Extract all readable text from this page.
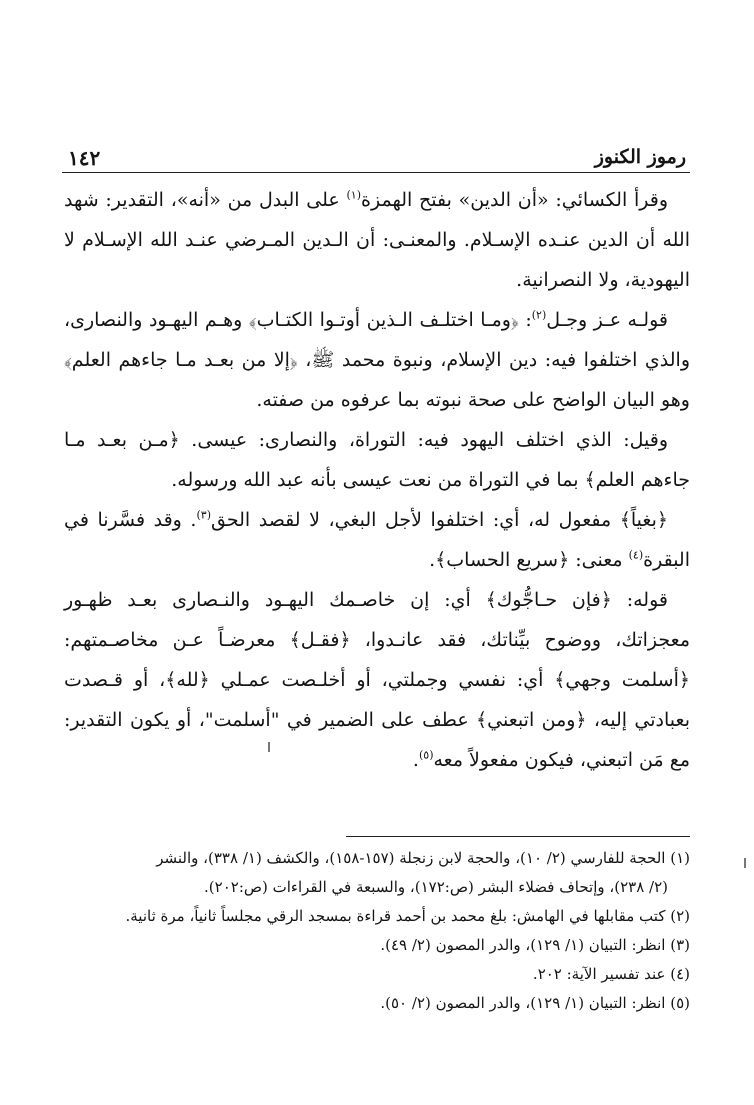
١٤٢	رموز الكنوز

وقرأ الكسائي: «أن الدين» بفتح الهمزة$^{(١)}$ على البدل من «أنه»، التقدير: شهد الله أن الدين عنـده الإسـلام. والمعنـى: أن الـدين المـرضي عنـد الله الإسـلام لا اليهودية، ولا النصرانية.

قولـه عـز وجـل$^{(٢)}$: ﴿ومـا اختلـف الـذين أوتـوا الكتـاب﴾ وهـم اليهـود والنصارى، والذي اختلفوا فيه: دين الإسلام، ونبوة محمد ﷺ، ﴿إلا من بعـد مـا جاءهم العلم﴾ وهو البيان الواضح على صحة نبوته بما عرفوه من صفته.

وقيل: الذي اختلف اليهود فيه: التوراة، والنصارى: عيسى. ﴿مـن بعـد مـا جاءهم العلم﴾ بما في التوراة من نعت عيسى بأنه عبد الله ورسوله.

﴿بغياً﴾ مفعول له، أي: اختلفوا لأجل البغي، لا لقصد الحق$^{(٣)}$. وقد فسَّرنا في البقرة$^{(٤)}$ معنى: ﴿سريع الحساب﴾.

قوله: ﴿فإن حـاجُّوك﴾ أي: إن خاصـمك اليهـود والنـصارى بعـد ظهـور معجزاتك، ووضوح بيِّناتك، فقد عانـدوا، ﴿فقـل﴾ معرضـاً عـن مخاصـمتهم: ﴿أسلمت وجهي﴾ أي: نفسي وجملتي، أو أخلـصت عمـلي ﴿لله﴾، أو قـصدت بعبادتي إليه، ﴿ومن اتبعني﴾ عطف على الضمير في "أسلمت"، أو يكون التقدير: مع مَن اتبعني، فيكون مفعولاً معه$^{(٥)}$.

(١) الحجة للفارسي (٢/ ١٠)، والحجة لابن زنجلة (١٥٧-١٥٨)، والكشف (١/ ٣٣٨)، والنشر
(٢/ ٢٣٨)، وإتحاف فضلاء البشر (ص:١٧٢)، والسبعة في القراءات (ص:٢٠٢).

(٢) كتب مقابلها في الهامش: بلغ محمد بن أحمد قراءة بمسجد الرقي مجلساً ثانياً، مرة ثانية.

(٣) انظر: التبيان (١/ ١٢٩)، والدر المصون (٢/ ٤٩).

(٤) عند تفسير الآية: ٢٠٢.

(٥) انظر: التبيان (١/ ١٢٩)، والدر المصون (٢/ ٥٠).
